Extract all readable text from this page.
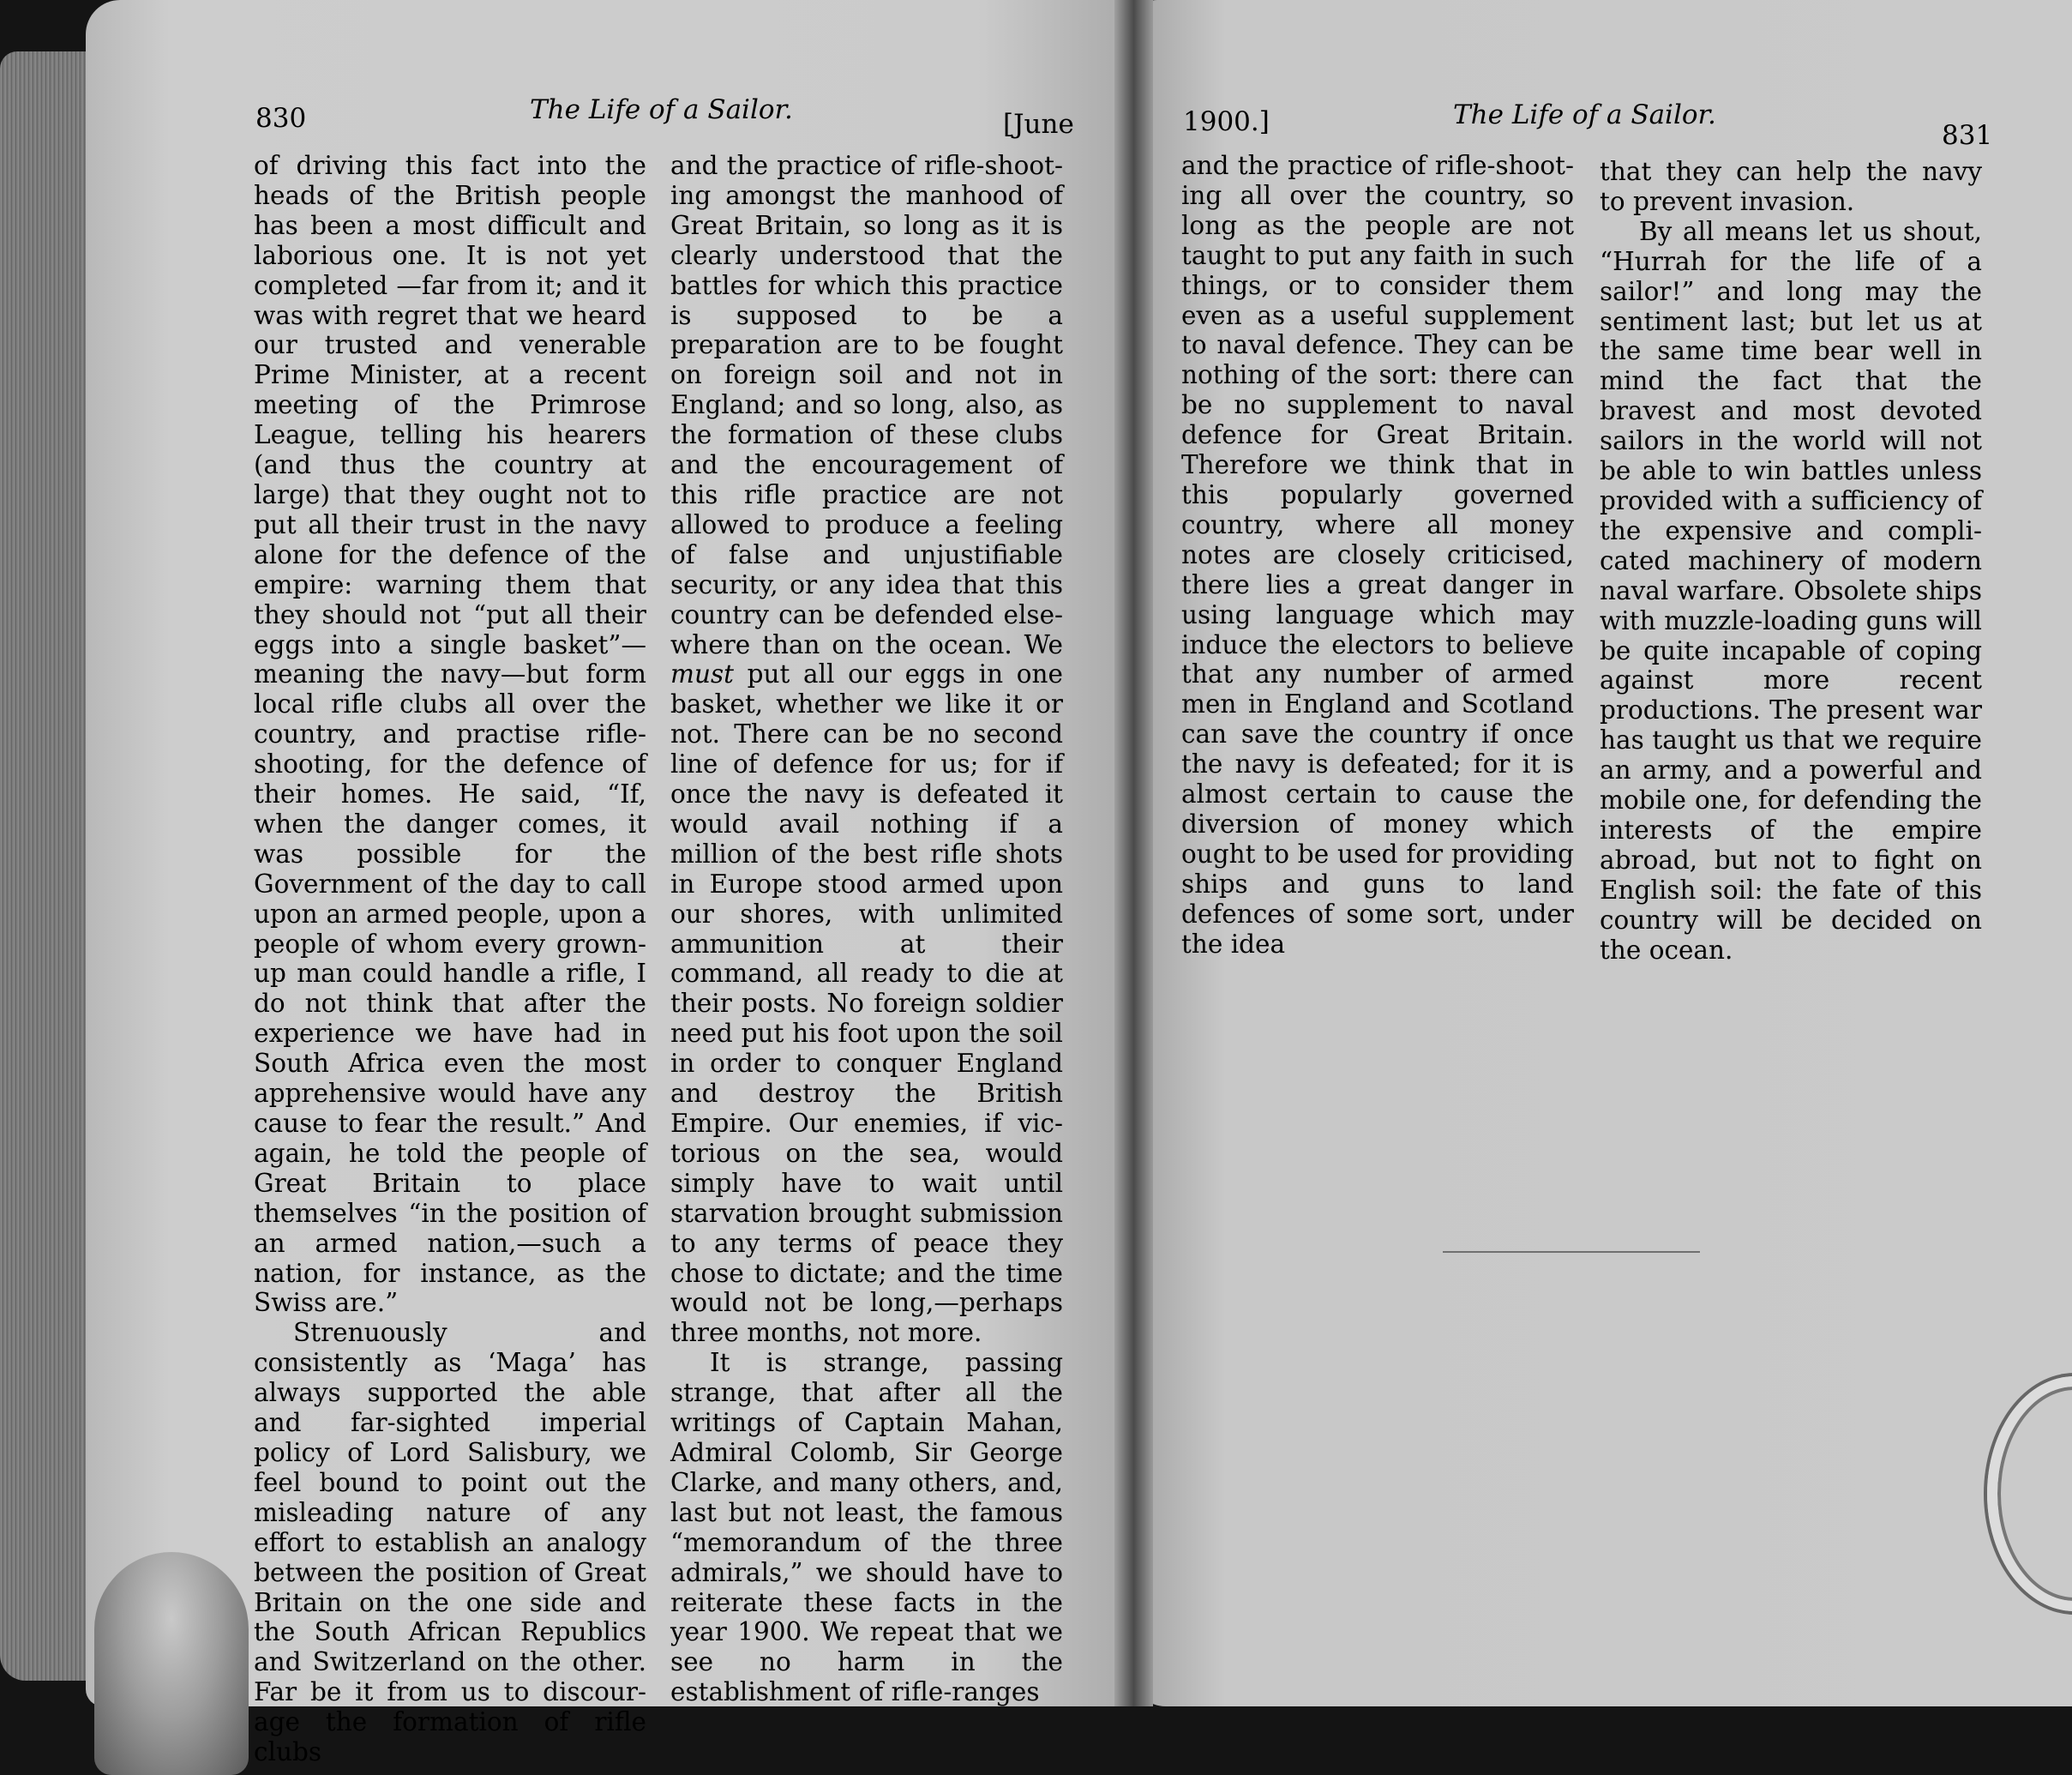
830	The Life of a Sailor.	[June

of driving this fact into the heads of the British people has been a most difficult and laborious one. It is not yet completed —far from it; and it was with regret that we heard our trusted and venerable Prime Minister, at a recent meeting of the Primrose League, telling his hearers (and thus the country at large) that they ought not to put all their trust in the navy alone for the defence of the empire: warning them that they should not “put all their eggs into a single basket”—meaning the navy—but form local rifle clubs all over the country, and practise rifle-shooting, for the defence of their homes. He said, “If, when the danger comes, it was possible for the Government of the day to call upon an armed people, upon a people of whom every grown-up man could handle a rifle, I do not think that after the experience we have had in South Africa even the most apprehensive would have any cause to fear the result.” And again, he told the people of Great Britain to place themselves “in the position of an armed nation,—such a nation, for instance, as the Swiss are.”

Strenuously and consistently as ‘Maga’ has always supported the able and far-sighted imperial policy of Lord Salisbury, we feel bound to point out the misleading nature of any effort to establish an analogy between the position of Great Britain on the one side and the South African Republics and Switzerland on the other. Far be it from us to discourage the formation of rifle clubs

and the practice of rifle-shooting amongst the manhood of Great Britain, so long as it is clearly understood that the battles for which this practice is supposed to be a preparation are to be fought on foreign soil and not in England; and so long, also, as the formation of these clubs and the encouragement of this rifle practice are not allowed to produce a feeling of false and unjustifiable security, or any idea that this country can be defended elsewhere than on the ocean. We must put all our eggs in one basket, whether we like it or not. There can be no second line of defence for us; for if once the navy is defeated it would avail nothing if a million of the best rifle shots in Europe stood armed upon our shores, with unlimited ammunition at their command, all ready to die at their posts. No foreign soldier need put his foot upon the soil in order to conquer England and destroy the British Empire. Our enemies, if victorious on the sea, would simply have to wait until starvation brought submission to any terms of peace they chose to dictate; and the time would not be long,—perhaps three months, not more.

It is strange, passing strange, that after all the writings of Captain Mahan, Admiral Colomb, Sir George Clarke, and many others, and, last but not least, the famous “memorandum of the three admirals,” we should have to reiterate these facts in the year 1900. We repeat that we see no harm in the establishment of rifle-ranges

1900.]	The Life of a Sailor.
831

and the practice of rifle-shooting all over the country, so long as the people are not taught to put any faith in such things, or to consider them even as a useful supplement to naval defence. They can be nothing of the sort: there can be no supplement to naval defence for Great Britain. Therefore we think that in this popularly governed country, where all money notes are closely criticised, there lies a great danger in using language which may induce the electors to believe that any number of armed men in England and Scotland can save the country if once the navy is defeated; for it is almost certain to cause the diversion of money which ought to be used for providing ships and guns to land defences of some sort, under the idea

that they can help the navy to prevent invasion.

By all means let us shout, “Hurrah for the life of a sailor!” and long may the sentiment last; but let us at the same time bear well in mind the fact that the bravest and most devoted sailors in the world will not be able to win battles unless provided with a sufficiency of the expensive and complicated machinery of modern naval warfare. Obsolete ships with muzzle-loading guns will be quite incapable of coping against more recent productions. The present war has taught us that we require an army, and a powerful and mobile one, for defending the interests of the empire abroad, but not to fight on English soil: the fate of this country will be decided on the ocean.
